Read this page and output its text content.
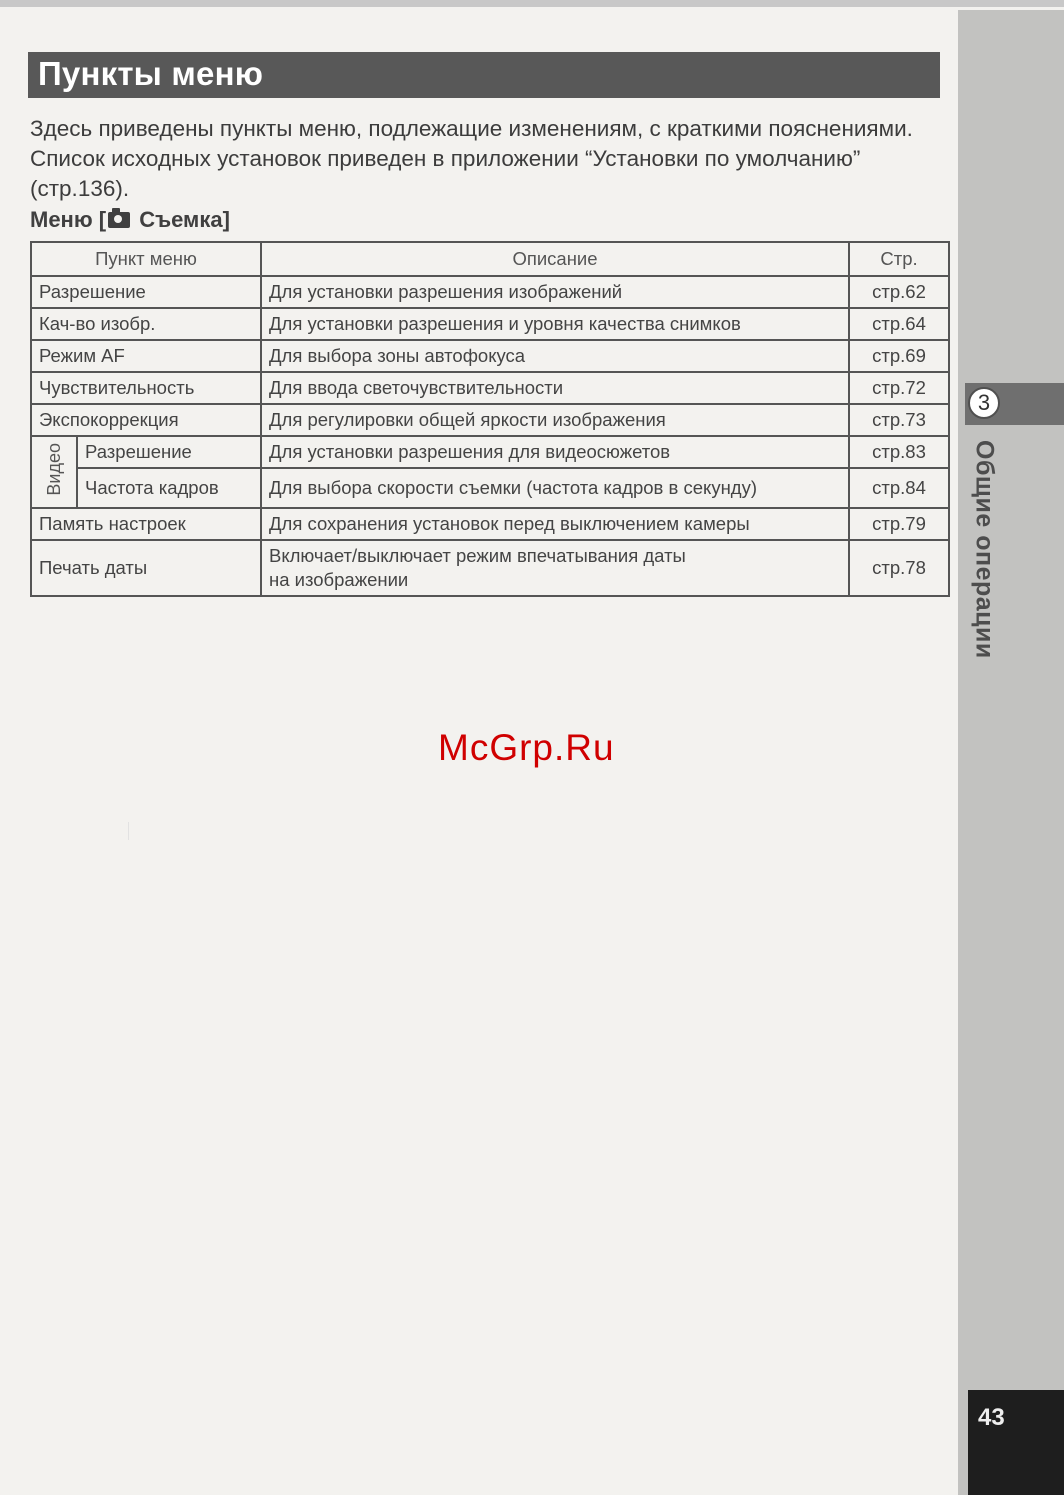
3
Общие операции
43
Пункты меню

Здесь приведены пункты меню, подлежащие изменениям, с краткими пояснениями. Список исходных установок приведен в приложении “Установки по умолчанию” (стр.136).

Меню [ Съемка]
Пункт меню		Описание	Стр.
Разрешение		Для установки разрешения изображений	стр.62
Кач-во изобр.		Для установки разрешения и уровня качества снимков	стр.64
Режим AF		Для выбора зоны автофокуса	стр.69
Чувствительность		Для ввода светочувствительности	стр.72
Экспокоррекция		Для регулировки общей яркости изображения	стр.73
Видео	Разрешение	Для установки разрешения для видеосюжетов	стр.83
	Частота кадров	Для выбора скорости съемки (частота кадров в секунду)	стр.84
Память настроек		Для сохранения установок перед выключением камеры	стр.79
Печать даты		Включает/выключает режим впечатывания даты
на изображении	стр.78
McGrp.Ru
